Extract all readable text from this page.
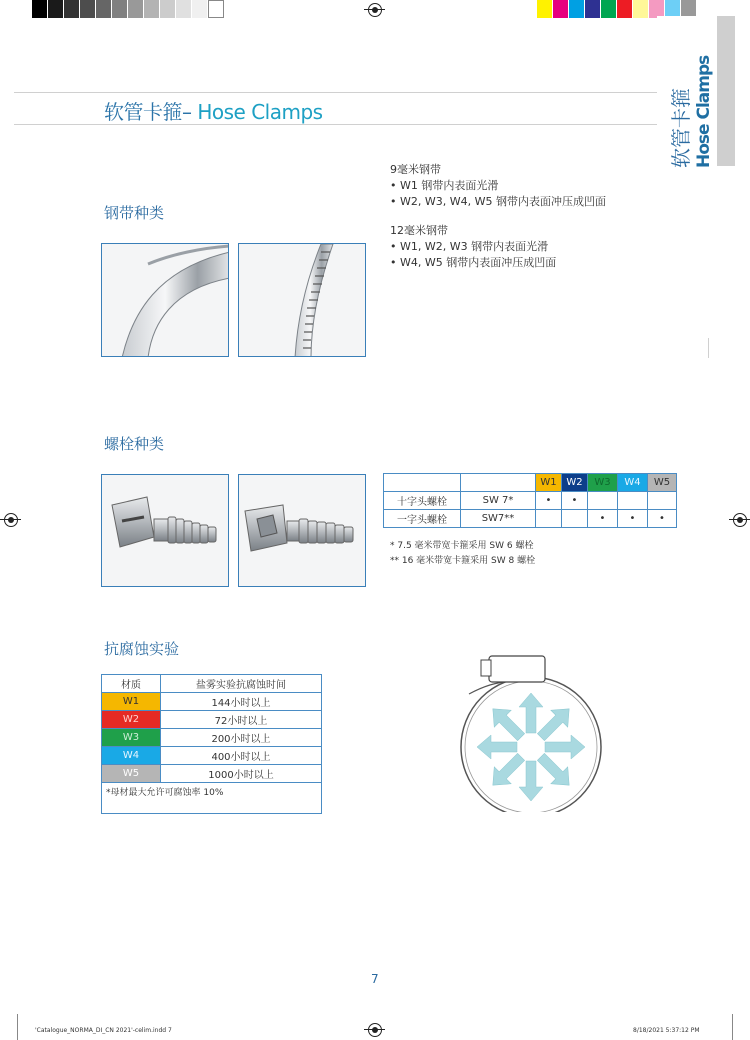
软管卡箍– Hose Clamps	软管卡箍
Hose Clamps
钢带种类
9毫米钢带
• W1 钢带内表面光滑
• W2, W3, W4, W5 钢带内表面冲压成凹面
12毫米钢带
• W1, W2, W3 钢带内表面光滑
• W4, W5 钢带内表面冲压成凹面
螺栓种类
		W1	W2	W3	W4	W5
十字头螺栓	SW 7*	•	•			
一字头螺栓	SW7**			•	•	•
* 7.5 毫米带宽卡箍采用 SW 6 螺栓
** 16 毫米带宽卡箍采用 SW 8 螺栓
抗腐蚀实验
材质	盐雾实验抗腐蚀时间
W1	144小时以上
W2	72小时以上
W3	200小时以上
W4	400小时以上
W5	1000小时以上
*母材最大允许可腐蚀率 10%	
7
'Catalogue_NORMA_DI_CN 2021'-celim.indd 7	8/18/2021 5:37:12 PM
